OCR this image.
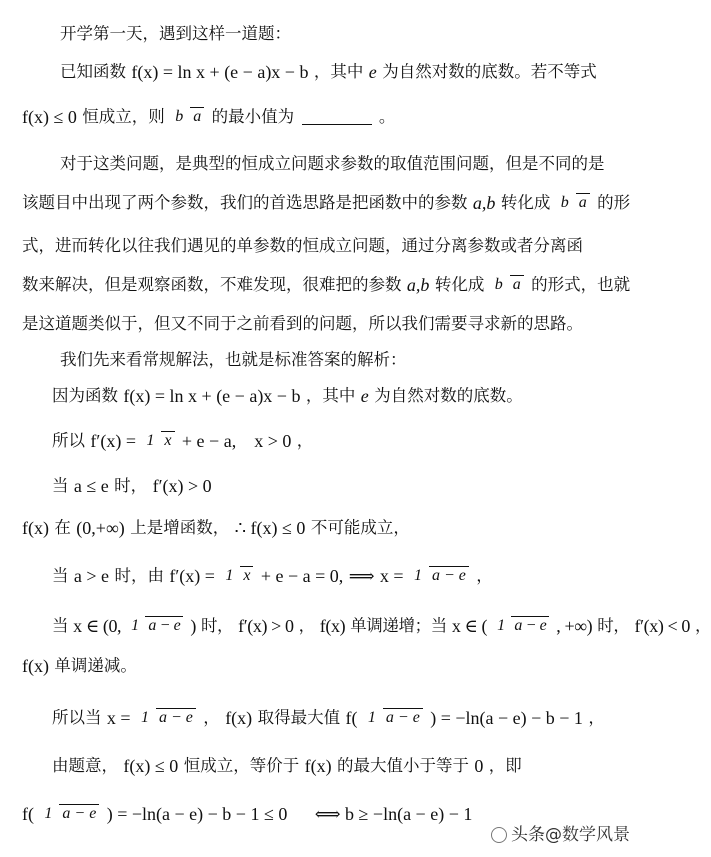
开学第一天，遇到这样一道题：
已知函数 f(x) = ln x + (e − a)x − b ，其中 e 为自然对数的底数。若不等式
f(x) ≤ 0 恒成立，则 b a 的最小值为	。
对于这类问题，是典型的恒成立问题求参数的取值范围问题，但是不同的是
该题目中出现了两个参数，我们的首选思路是把函数中的参数 a,b 转化成 b a 的形
式，进而转化以往我们遇见的单参数的恒成立问题，通过分离参数或者分离函
数来解决，但是观察函数，不难发现，很难把的参数 a,b 转化成 b a 的形式，也就
是这道题类似于，但又不同于之前看到的问题，所以我们需要寻求新的思路。
我们先来看常规解法，也就是标准答案的解析：
因为函数 f(x) = ln x + (e − a)x − b ，其中 e 为自然对数的底数。
所以 f′(x) = 1 x + e − a,    x > 0 ，
当 a ≤ e 时， f′(x) > 0
f(x) 在 (0,+∞) 上是增函数， ∴ f(x) ≤ 0 不可能成立，
当 a > e 时，由 f′(x) = 1 x + e − a = 0, ⟹ x = 1 a − e ，
当 x ∈ (0, 1 a − e ) 时， f′(x) > 0 ， f(x) 单调递增；当 x ∈ ( 1 a − e , +∞) 时， f′(x) < 0 ，
f(x) 单调递减。
所以当 x = 1 a − e ， f(x) 取得最大值 f( 1 a − e ) = −ln(a − e) − b − 1 ，
由题意， f(x) ≤ 0 恒成立，等价于 f(x) 的最大值小于等于 0 ，即
f( 1 a − e ) = −ln(a − e) − b − 1 ≤ 0 ⟺ b ≥ −ln(a − e) − 1
头条@数学风景
